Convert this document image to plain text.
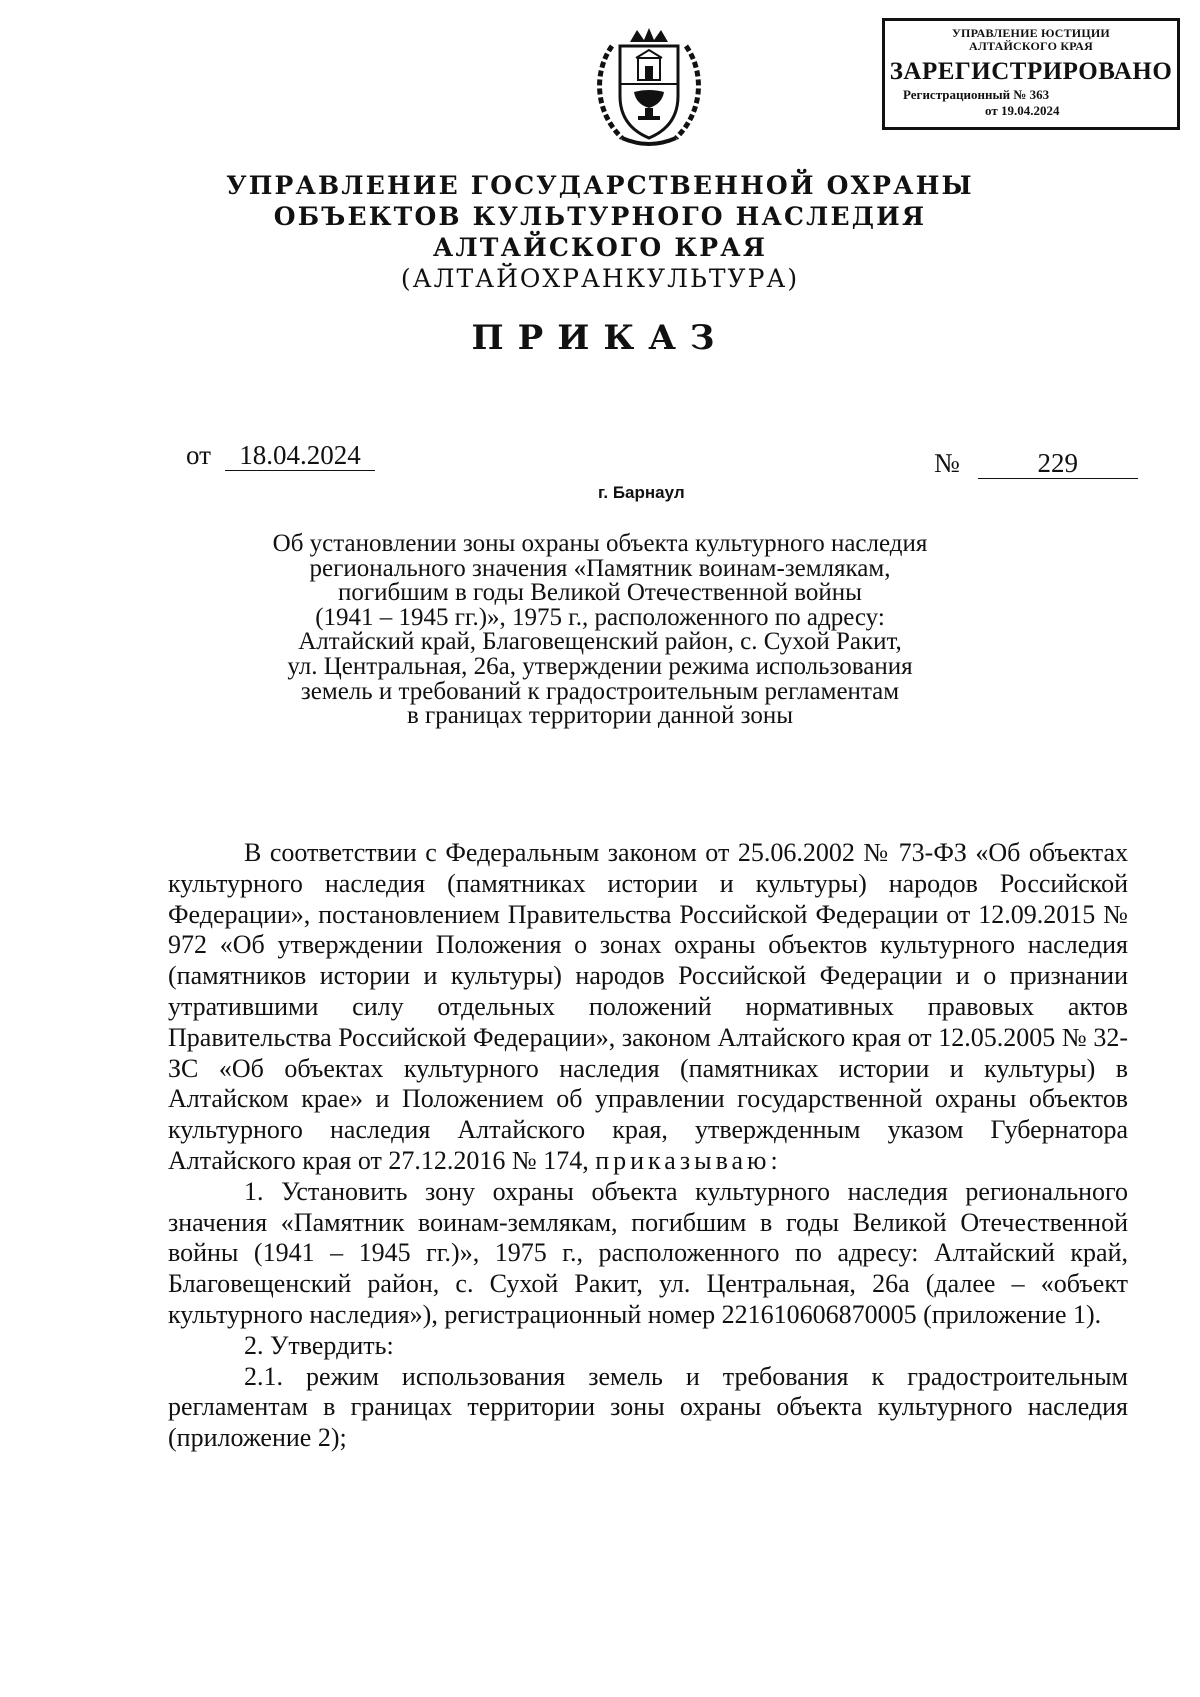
УПРАВЛЕНИЕ ЮСТИЦИИ
АЛТАЙСКОГО КРАЯ
ЗАРЕГИСТРИРОВАНО
Регистрационный № 363
от 19.04.2024
УПРАВЛЕНИЕ ГОСУДАРСТВЕННОЙ ОХРАНЫ
ОБЪЕКТОВ КУЛЬТУРНОГО НАСЛЕДИЯ
АЛТАЙСКОГО КРАЯ
(АЛТАЙОХРАНКУЛЬТУРА)
ПРИКАЗ
от 18.04.2024	№	229
г. Барнаул
Об установлении зоны охраны объекта культурного наследия
регионального значения «Памятник воинам-землякам,
погибшим в годы Великой Отечественной войны
(1941 – 1945 гг.)», 1975 г., расположенного по адресу:
Алтайский край, Благовещенский район, с. Сухой Ракит,
ул. Центральная, 26а, утверждении режима использования
земель и требований к градостроительным регламентам
в границах территории данной зоны

В соответствии с Федеральным законом от 25.06.2002 № 73-ФЗ «Об объектах культурного наследия (памятниках истории и культуры) народов Российской Федерации», постановлением Правительства Российской Федерации от 12.09.2015 № 972 «Об утверждении Положения о зонах охраны объектов культурного наследия (памятников истории и культуры) народов Российской Федерации и о признании утратившими силу отдельных положений нормативных правовых актов Правительства Российской Федерации», законом Алтайского края от 12.05.2005 № 32-ЗС «Об объектах культурного наследия (памятниках истории и культуры) в Алтайском крае» и Положением об управлении государственной охраны объектов культурного наследия Алтайского края, утвержденным указом Губернатора Алтайского края от 27.12.2016 № 174, приказываю:

1. Установить зону охраны объекта культурного наследия регионального значения «Памятник воинам-землякам, погибшим в годы Великой Отечественной войны (1941 – 1945 гг.)», 1975 г., расположенного по адресу: Алтайский край, Благовещенский район, с. Сухой Ракит, ул. Центральная, 26а (далее – «объект культурного наследия»), регистрационный номер 221610606870005 (приложение 1).

2. Утвердить:

2.1. режим использования земель и требования к градостроительным регламентам в границах территории зоны охраны объекта культурного наследия (приложение 2);
